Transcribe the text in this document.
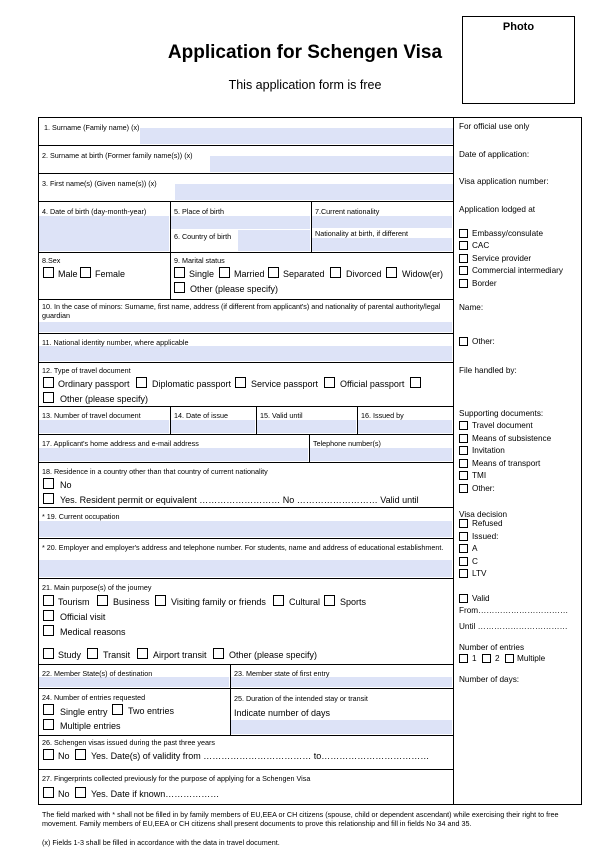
Application for Schengen Visa
This application form is free
Photo
1. Surname (Family name) (x)
2. Surname at birth (Former family name(s)) (x)
3. First name(s) (Given name(s)) (x)
4. Date of birth (day-month-year)	5. Place of birth
6. Country of birth
7.Current nationality
Nationality at birth, if different
8.Sex
Male Female
9. Marital status
Single Married Separated Divorced Widow(er)
Other (please specify)
10. In the case of minors: Surname, first name, address (if different from applicant's) and nationality of parental authority/legal guardian
11. National identity number, where applicable
12. Type of travel document
Ordinary passport Diplomatic passport Service passport Official passport
Other (please specify)
13. Number of travel document	14. Date of issue	15. Valid until	16. Issued by
17. Applicant's home address and e-mail address	Telephone number(s)
18. Residence in a country other than that country of current nationality
No
Yes. Resident permit or equivalent ……………………… No ……………………… Valid until
* 19. Current occupation
* 20. Employer and employer's address and telephone number. For students, name and address of educational establishment.
21. Main purpose(s) of the journey
Tourism	Business Visiting family or friends	Cultural Sports
Official visit
Medical reasons
Study Transit	Airport transit Other (please specify)
22. Member State(s) of destination	23. Member state of first entry
24. Number of entries requested
Single entry Two entries
Multiple entries
25. Duration of the intended stay or transit
Indicate number of days
26. Schengen visas issued during the past three years
No Yes. Date(s) of validity from ……………………………… to………………………………
27. Fingerprints collected previously for the purpose of applying for a Schengen Visa
No Yes. Date if known………………
For official use only
Date of application:
Visa application number:
Application lodged at
Embassy/consulate
CAC
Service provider
Commercial intermediary
Border
Name:
Other:
File handled by:
Supporting documents:
Travel document
Means of subsistence
Invitation
Means of transport
TMI
Other:
Visa decision
Refused
Issued:
A
C
LTV
Valid
From……………………………
Until ……………………………
Number of entries
1 2 Multiple
Number of days:
The field marked with * shall not be filled in by family members of EU,EEA or CH citizens (spouse, child or dependent ascendant) while exercising their right to free movement. Family members of EU,EEA or CH citizens shall present documents to prove this relationship and fill in fields No 34 and 35.
(x) Fields 1-3 shall be filled in accordance with the data in travel document.
